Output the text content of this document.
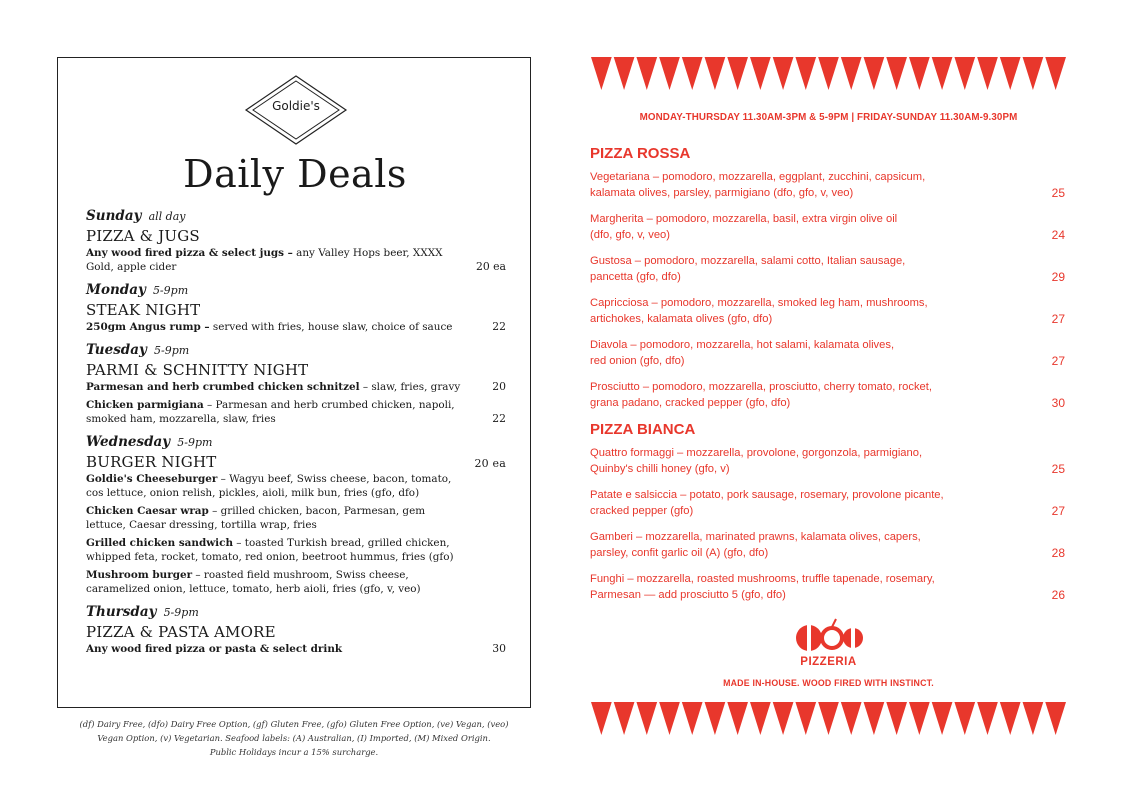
Goldie's
Daily Deals
Sunday all day
PIZZA & JUGS
Any wood fired pizza & select jugs – any Valley Hops beer, XXXX Gold, apple cider	20 ea
Monday 5-9pm
STEAK NIGHT
250gm Angus rump – served with fries, house slaw, choice of sauce	22
Tuesday 5-9pm
PARMI & SCHNITTY NIGHT
Parmesan and herb crumbed chicken schnitzel – slaw, fries, gravy	20
Chicken parmigiana – Parmesan and herb crumbed chicken, napoli, smoked ham, mozzarella, slaw, fries	22
Wednesday 5-9pm
BURGER NIGHT	20 ea
Goldie's Cheeseburger – Wagyu beef, Swiss cheese, bacon, tomato, cos lettuce, onion relish, pickles, aioli, milk bun, fries (gfo, dfo)
Chicken Caesar wrap – grilled chicken, bacon, Parmesan, gem lettuce, Caesar dressing, tortilla wrap, fries
Grilled chicken sandwich – toasted Turkish bread, grilled chicken, whipped feta, rocket, tomato, red onion, beetroot hummus, fries (gfo)
Mushroom burger – roasted field mushroom, Swiss cheese, caramelized onion, lettuce, tomato, herb aioli, fries (gfo, v, veo)
Thursday 5-9pm
PIZZA & PASTA AMORE
Any wood fired pizza or pasta & select drink	30
(df) Dairy Free, (dfo) Dairy Free Option, (gf) Gluten Free, (gfo) Gluten Free Option, (ve) Vegan, (veo)
Vegan Option, (v) Vegetarian. Seafood labels: (A) Australian, (I) Imported, (M) Mixed Origin.
Public Holidays incur a 15% surcharge.
MONDAY-THURSDAY 11.30AM-3PM & 5-9PM | FRIDAY-SUNDAY 11.30AM-9.30PM
PIZZA ROSSA
Vegetariana – pomodoro, mozzarella, eggplant, zucchini, capsicum,
kalamata olives, parsley, parmigiano (dfo, gfo, v, veo)	25
Margherita – pomodoro, mozzarella, basil, extra virgin olive oil
(dfo, gfo, v, veo)	24
Gustosa – pomodoro, mozzarella, salami cotto, Italian sausage,
pancetta (gfo, dfo)	29
Capricciosa – pomodoro, mozzarella, smoked leg ham, mushrooms,
artichokes, kalamata olives (gfo, dfo)	27
Diavola – pomodoro, mozzarella, hot salami, kalamata olives,
red onion (gfo, dfo)	27
Prosciutto – pomodoro, mozzarella, prosciutto, cherry tomato, rocket,
grana padano, cracked pepper (gfo, dfo)	30
PIZZA BIANCA
Quattro formaggi – mozzarella, provolone, gorgonzola, parmigiano,
Quinby's chilli honey (gfo, v)	25
Patate e salsiccia – potato, pork sausage, rosemary, provolone picante,
cracked pepper (gfo)	27
Gamberi – mozzarella, marinated prawns, kalamata olives, capers,
parsley, confit garlic oil (A) (gfo, dfo)	28
Funghi – mozzarella, roasted mushrooms, truffle tapenade, rosemary,
Parmesan — add prosciutto 5 (gfo, dfo)	26
PIZZERIA
MADE IN-HOUSE. WOOD FIRED WITH INSTINCT.
